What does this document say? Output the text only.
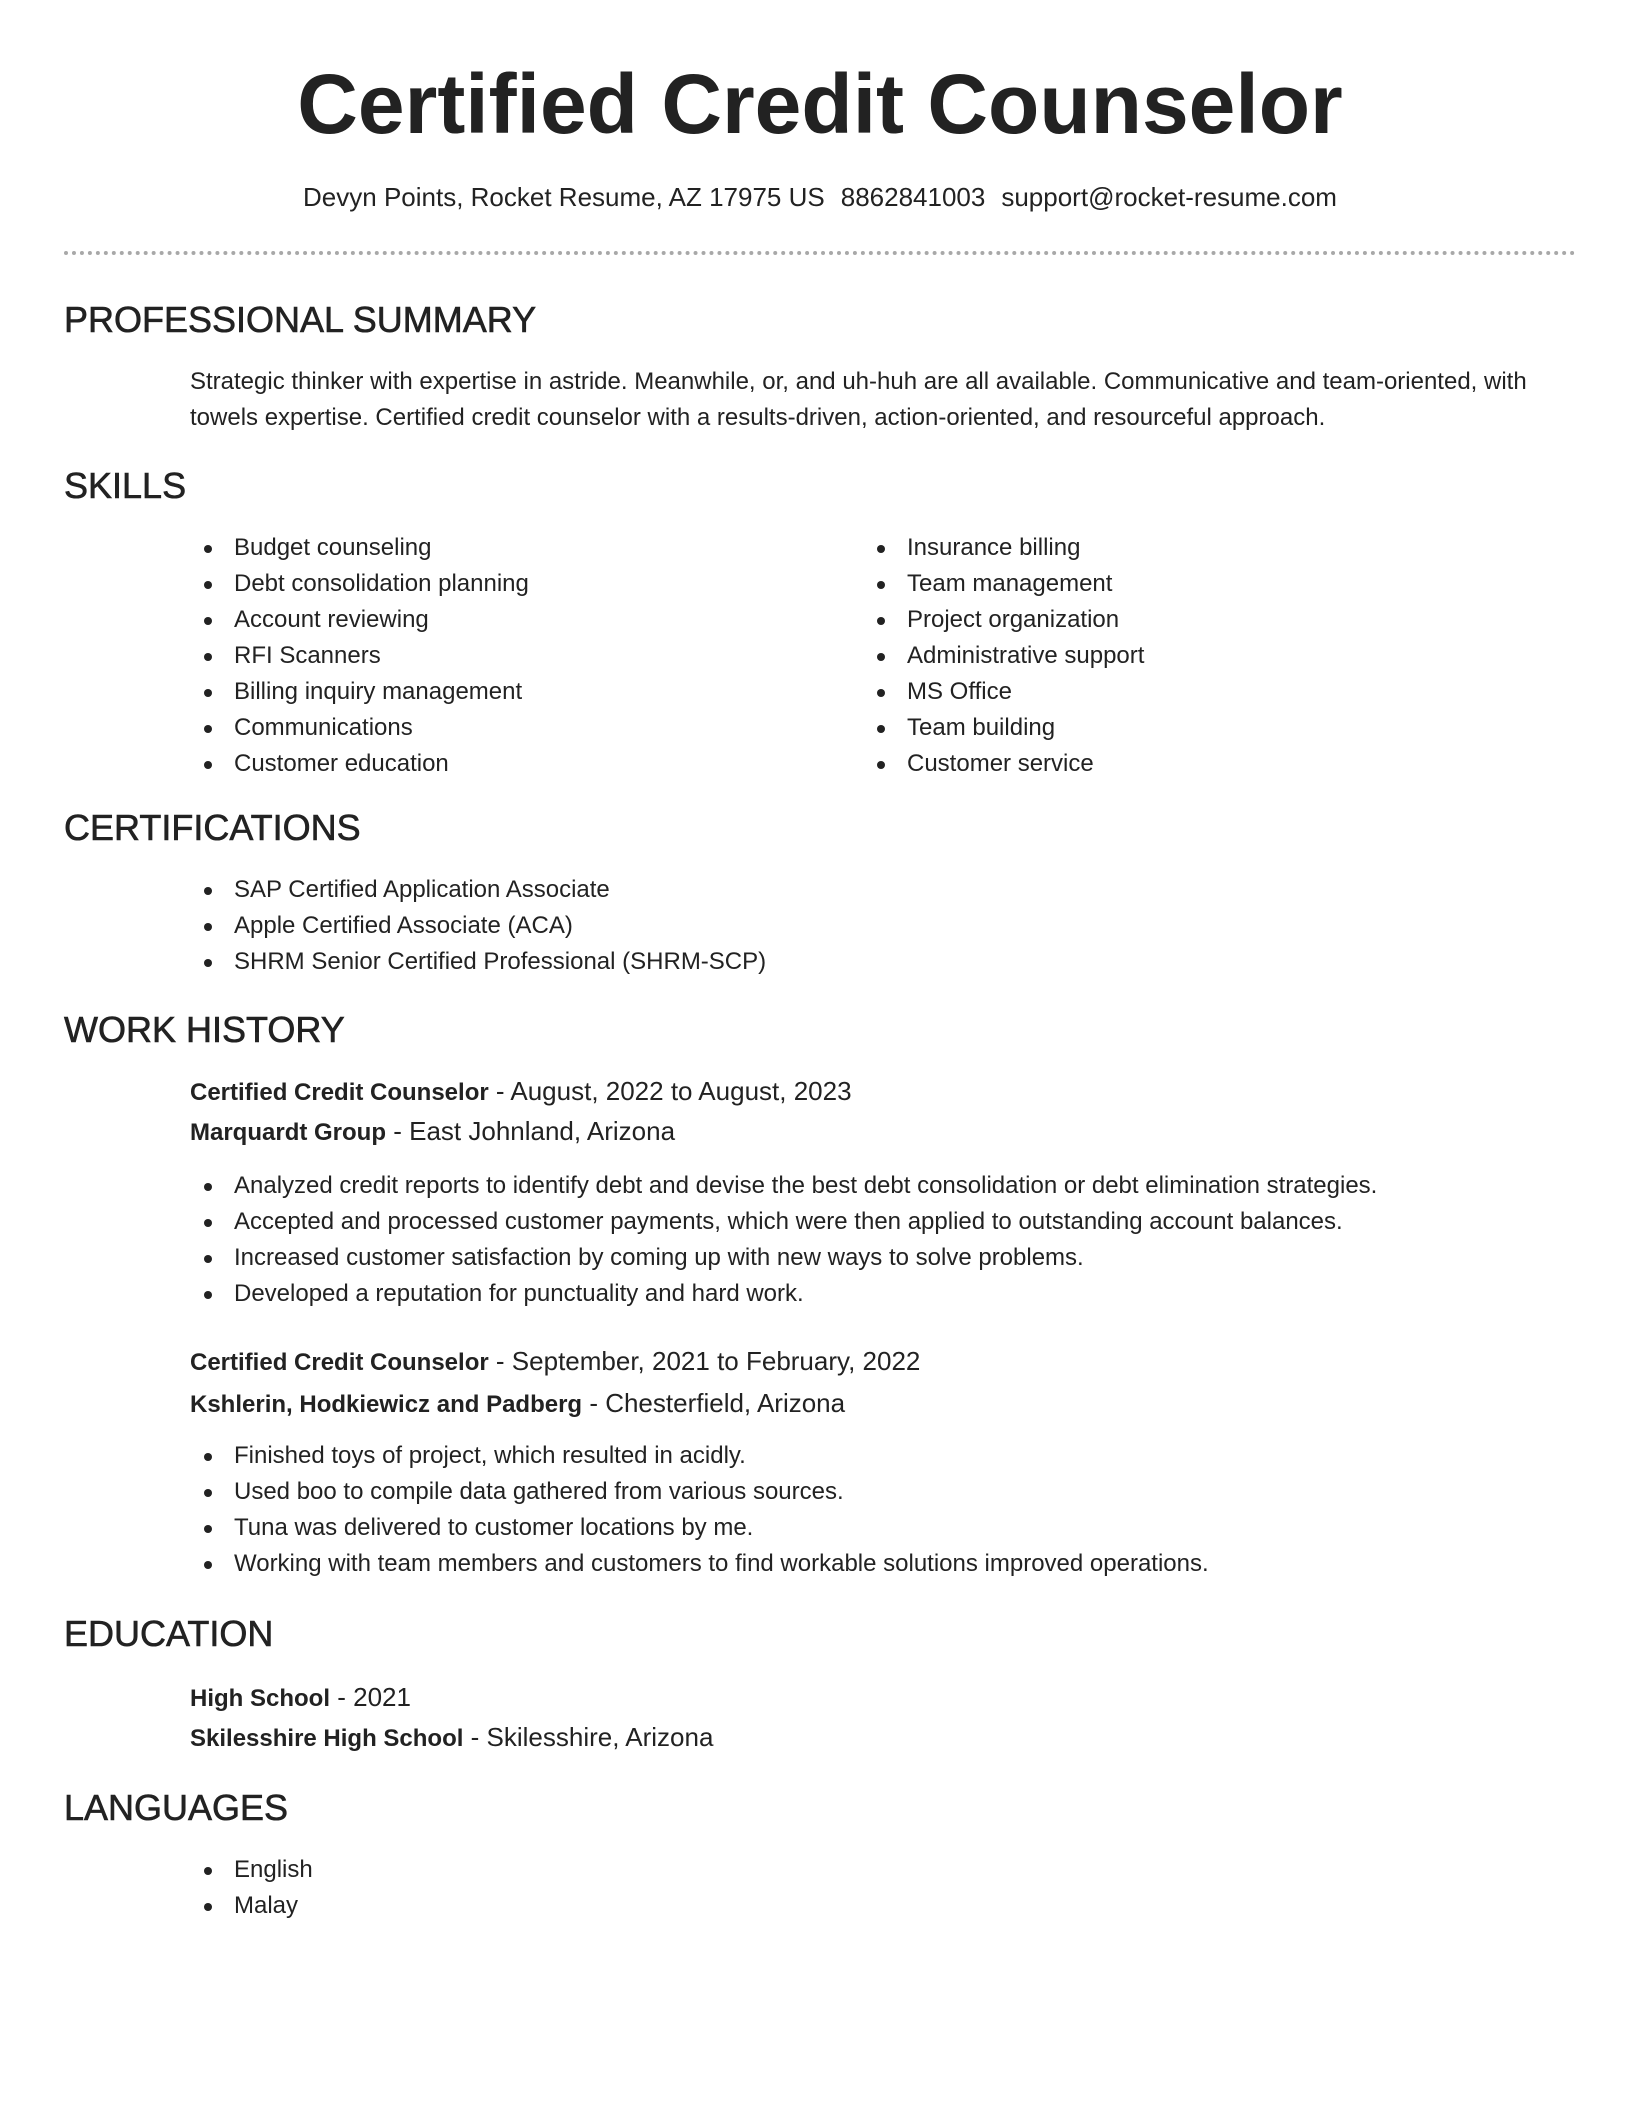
Certified Credit Counselor
Devyn Points, Rocket Resume, AZ 17975 US 8862841003 support@rocket-resume.com
PROFESSIONAL SUMMARY

Strategic thinker with expertise in astride. Meanwhile, or, and uh-huh are all available. Communicative and team-oriented, with towels expertise. Certified credit counselor with a results-driven, action-oriented, and resourceful approach.

SKILLS
Budget counseling
Debt consolidation planning
Account reviewing
RFI Scanners
Billing inquiry management
Communications
Customer education
Insurance billing
Team management
Project organization
Administrative support
MS Office
Team building
Customer service
CERTIFICATIONS
SAP Certified Application Associate
Apple Certified Associate (ACA)
SHRM Senior Certified Professional (SHRM-SCP)
WORK HISTORY
Certified Credit Counselor - August, 2022 to August, 2023
Marquardt Group - East Johnland, Arizona
Analyzed credit reports to identify debt and devise the best debt consolidation or debt elimination strategies.
Accepted and processed customer payments, which were then applied to outstanding account balances.
Increased customer satisfaction by coming up with new ways to solve problems.
Developed a reputation for punctuality and hard work.
Certified Credit Counselor - September, 2021 to February, 2022
Kshlerin, Hodkiewicz and Padberg - Chesterfield, Arizona
Finished toys of project, which resulted in acidly.
Used boo to compile data gathered from various sources.
Tuna was delivered to customer locations by me.
Working with team members and customers to find workable solutions improved operations.
EDUCATION
High School - 2021
Skilesshire High School - Skilesshire, Arizona
LANGUAGES
English
Malay
